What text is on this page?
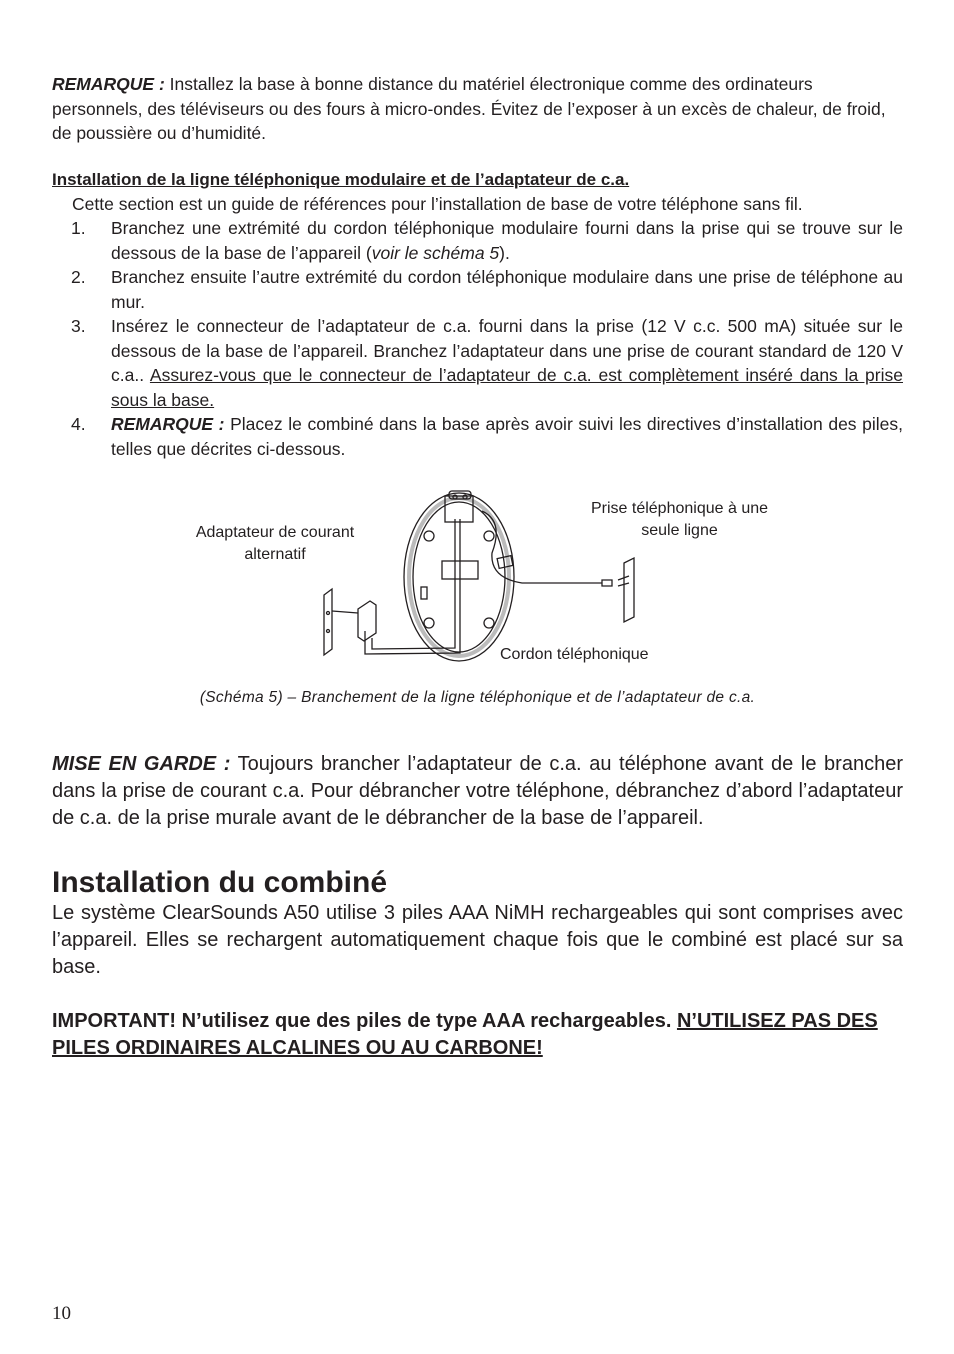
REMARQUE : Installez la base à bonne distance du matériel électronique comme des ordinateurs personnels, des téléviseurs ou des fours à micro-ondes. Évitez de l’exposer à un excès de chaleur, de froid, de poussière ou d’humidité.

Installation de la ligne téléphonique modulaire et de l’adaptateur de c.a.

Cette section est un guide de références pour l’installation de base de votre téléphone sans fil.

1. Branchez une extrémité du cordon téléphonique modulaire fourni dans la prise qui se trouve sur le dessous de la base de l’appareil (voir le schéma 5).
2. Branchez ensuite l’autre extrémité du cordon téléphonique modulaire dans une prise de téléphone au mur.
3. Insérez le connecteur de l’adaptateur de c.a. fourni dans la prise (12 V c.c. 500 mA) située sur le dessous de la base de l’appareil. Branchez l’adaptateur dans une prise de courant standard de 120 V c.a.. Assurez-vous que le connecteur de l’adaptateur de c.a. est complètement inséré dans la prise sous la base.
4. REMARQUE : Placez le combiné dans la base après avoir suivi les directives d’installation des piles, telles que décrites ci-dessous.
Adaptateur de courant alternatif
Prise téléphonique à une seule ligne
Cordon téléphonique

(Schéma 5) – Branchement de la ligne téléphonique et de l’adaptateur de c.a.

MISE EN GARDE : Toujours brancher l’adaptateur de c.a. au téléphone avant de le brancher dans la prise de courant c.a. Pour débrancher votre téléphone, débranchez d’abord l’adaptateur de c.a. de la prise murale avant de le débrancher de la base de l’appareil.

Installation du combiné

Le système ClearSounds A50 utilise 3 piles AAA NiMH rechargeables qui sont comprises avec l’appareil. Elles se rechargent automatiquement chaque fois que le combiné est placé sur sa base.

IMPORTANT! N’utilisez que des piles de type AAA rechargeables. N’UTILISEZ PAS DES PILES ORDINAIRES ALCALINES OU AU CARBONE!

10
